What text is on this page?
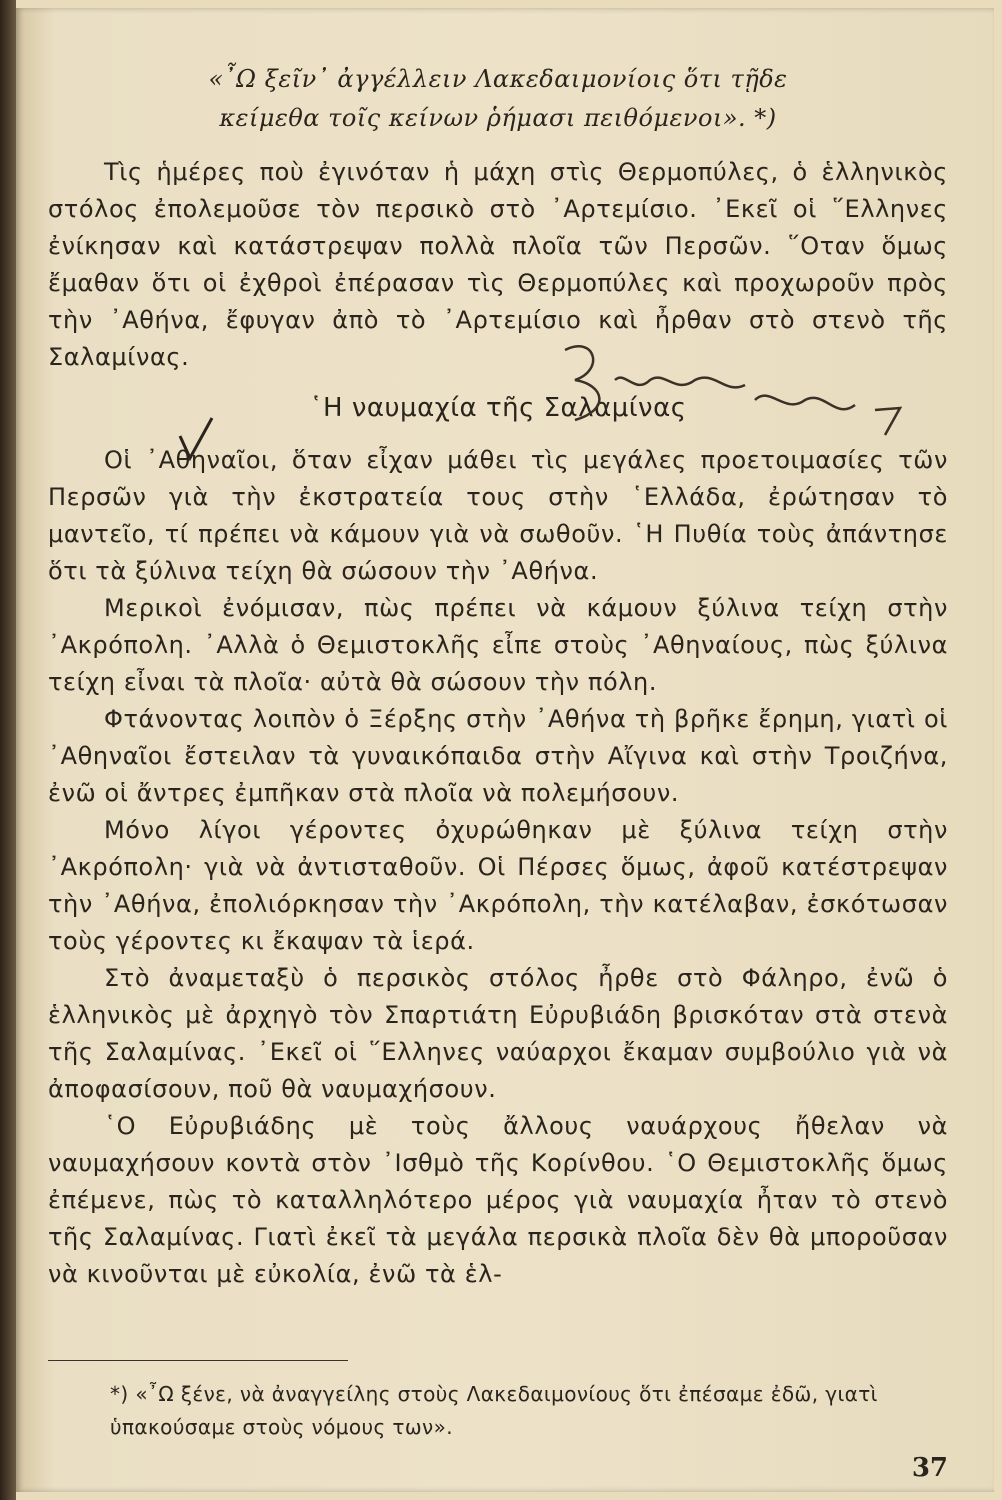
«῏Ω ξεῖν᾽ ἀγγέλλειν Λακεδαιμονίοις ὅτι τῇδε
κείμεθα τοῖς κείνων ῥήμασι πειθόμενοι». *)

Τὶς ἡμέρες ποὺ ἐγινόταν ἡ μάχη στὶς Θερμοπύλες, ὁ ἑλληνικὸς στόλος ἐπολεμοῦσε τὸν περσικὸ στὸ ᾿Αρτεμίσιο. ᾿Εκεῖ οἱ ῞Ελληνες ἐνίκησαν καὶ κατάστρεψαν πολλὰ πλοῖα τῶν Περσῶν. ῞Οταν ὅμως ἔμαθαν ὅτι οἱ ἐχθροὶ ἐπέρασαν τὶς Θερμοπύλες καὶ προχωροῦν πρὸς τὴν ᾿Αθήνα, ἔφυγαν ἀπὸ τὸ ᾿Αρτεμίσιο καὶ ἦρθαν στὸ στενὸ τῆς Σαλαμίνας.

῾Η ναυμαχία τῆς Σαλαμίνας

Οἱ ᾿Αθηναῖοι, ὅταν εἶχαν μάθει τὶς μεγάλες προετοιμασίες τῶν Περσῶν γιὰ τὴν ἐκστρατεία τους στὴν ῾Ελλάδα, ἐρώτησαν τὸ μαντεῖο, τί πρέπει νὰ κάμουν γιὰ νὰ σωθοῦν. ῾Η Πυθία τοὺς ἀπάντησε ὅτι τὰ ξύλινα τείχη θὰ σώσουν τὴν ᾿Αθήνα.

Μερικοὶ ἐνόμισαν, πὼς πρέπει νὰ κάμουν ξύλινα τείχη στὴν ᾿Ακρόπολη. ᾿Αλλὰ ὁ Θεμιστοκλῆς εἶπε στοὺς ᾿Αθηναίους, πὼς ξύλινα τείχη εἶναι τὰ πλοῖα· αὐτὰ θὰ σώσουν τὴν πόλη.

Φτάνοντας λοιπὸν ὁ Ξέρξης στὴν ᾿Αθήνα τὴ βρῆκε ἔρημη, γιατὶ οἱ ᾿Αθηναῖοι ἔστειλαν τὰ γυναικόπαιδα στὴν Αἴγινα καὶ στὴν Τροιζήνα, ἐνῶ οἱ ἄντρες ἐμπῆκαν στὰ πλοῖα νὰ πολεμήσουν.

Μόνο λίγοι γέροντες ὀχυρώθηκαν μὲ ξύλινα τείχη στὴν ᾿Ακρόπολη· γιὰ νὰ ἀντισταθοῦν. Οἱ Πέρσες ὅμως, ἀφοῦ κατέστρεψαν τὴν ᾿Αθήνα, ἐπολιόρκησαν τὴν ᾿Ακρόπολη, τὴν κατέλαβαν, ἐσκότωσαν τοὺς γέροντες κι ἔκαψαν τὰ ἱερά.

Στὸ ἀναμεταξὺ ὁ περσικὸς στόλος ἦρθε στὸ Φάληρο, ἐνῶ ὁ ἑλληνικὸς μὲ ἀρχηγὸ τὸν Σπαρτιάτη Εὐρυβιάδη βρισκόταν στὰ στενὰ τῆς Σαλαμίνας. ᾿Εκεῖ οἱ ῞Ελληνες ναύαρχοι ἔκαμαν συμβούλιο γιὰ νὰ ἀποφασίσουν, ποῦ θὰ ναυμαχήσουν.

῾Ο Εὐρυβιάδης μὲ τοὺς ἄλλους ναυάρχους ἤθελαν νὰ ναυμαχήσουν κοντὰ στὸν ᾿Ισθμὸ τῆς Κορίνθου. ῾Ο Θεμιστοκλῆς ὅμως ἐπέμενε, πὼς τὸ καταλληλότερο μέρος γιὰ ναυμαχία ἦταν τὸ στενὸ τῆς Σαλαμίνας. Γιατὶ ἐκεῖ τὰ μεγάλα περσικὰ πλοῖα δὲν θὰ μποροῦσαν νὰ κινοῦνται μὲ εὐκολία, ἐνῶ τὰ ἑλ-

*) «῏Ω ξένε, νὰ ἀναγγείλης στοὺς Λακεδαιμονίους ὅτι ἐπέσαμε ἐδῶ, γιατὶ ὑπακούσαμε στοὺς νόμους των».
37
